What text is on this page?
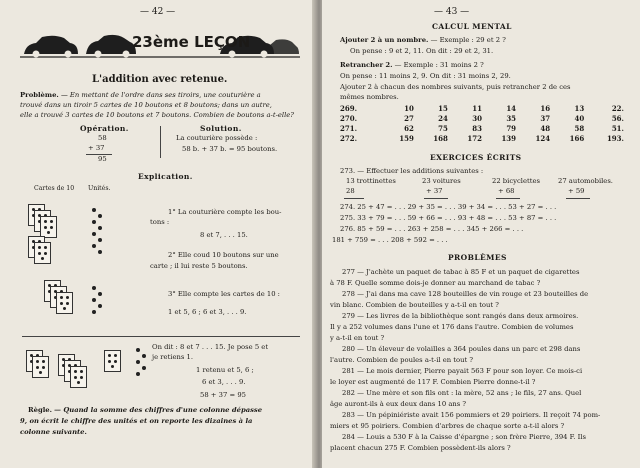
— 42 —
23ème LEÇON
L'addition avec retenue.
Problème. — En mettant de l'ordre dans ses tiroirs, une couturière a
trouvé dans un tiroir 5 cartes de 10 boutons et 8 boutons; dans un autre,
elle a trouvé 3 cartes de 10 boutons et 7 boutons. Combien de boutons a-t-elle?
Opération.
58
+ 37
95
Solution.
La couturière possède :
58 b. + 37 b. = 95 boutons.
Explication.
Cartes de 10 Unités.
1° La couturière compte les bou-
tons :
8 et 7, . . . 15.
2° Elle coud 10 boutons sur une
carte ; il lui reste 5 boutons.
3° Elle compte les cartes de 10 :
1 et 5, 6 ; 6 et 3, . . . 9.
On dit : 8 et 7 . . . 15. Je pose 5 et
je retiens 1.
1 retenu et 5, 6 ;
6 et 3, . . . 9.
58 + 37 = 95
Règle. — Quand la somme des chiffres d'une colonne dépasse
9, on écrit le chiffre des unités et on reporte les dizaines à la
colonne suivante.
— 43 —
CALCUL MENTAL
Ajouter 2 à un nombre. — Exemple : 29 et 2 ?
On pense : 9 et 2, 11. On dit : 29 et 2, 31.
Retrancher 2. — Exemple : 31 moins 2 ?
On pense : 11 moins 2, 9. On dit : 31 moins 2, 29.
Ajouter 2 à chacun des nombres suivants, puis retrancher 2 de ces
mêmes nombres.
269.	10	15	11	14	16	13	22.
270.	27	24	30	35	37	40	56.
271.	62	75	83	79	48	58	51.
272.	159	168	172	139	124	166	193.
EXERCICES ÉCRITS
273. — Effectuer les additions suivantes :
13 trottinettes	23 voitures	22 bicyclettes	27 automobiles.
28	+ 37	+ 68	+ 59
274. 25 + 47 = . . . 29 + 35 = . . . 39 + 34 = . . . 53 + 27 = . . .
275. 33 + 79 = . . . 59 + 66 = . . . 93 + 48 = . . . 53 + 87 = . . .
276. 85 + 59 = . . . 263 + 258 = . . . 345 + 266 = . . .
181 + 759 = . . . 208 + 592 = . . .
PROBLÈMES
277 — J'achète un paquet de tabac à 85 F et un paquet de cigarettes
à 78 F. Quelle somme dois-je donner au marchand de tabac ?
278 — J'ai dans ma cave 128 bouteilles de vin rouge et 23 bouteilles de
vin blanc. Combien de bouteilles y a-t-il en tout ?
279 — Les livres de la bibliothèque sont rangés dans deux armoires.
Il y a 252 volumes dans l'une et 176 dans l'autre. Combien de volumes
y a-t-il en tout ?
280 — Un éleveur de volailles a 364 poules dans un parc et 298 dans
l'autre. Combien de poules a-t-il en tout ?
281 — Le mois dernier, Pierre payait 563 F pour son loyer. Ce mois-ci
le loyer est augmenté de 117 F. Combien Pierre donne-t-il ?
282 — Une mère et son fils ont : la mère, 52 ans ; le fils, 27 ans. Quel
âge auront-ils à eux deux dans 10 ans ?
283 — Un pépiniériste avait 156 pommiers et 29 poiriers. Il reçoit 74 pom-
miers et 95 poiriers. Combien d'arbres de chaque sorte a-t-il alors ?
284 — Louis a 530 F à la Caisse d'épargne ; son frère Pierre, 394 F. Ils
placent chacun 275 F. Combien possèdent-ils alors ?
